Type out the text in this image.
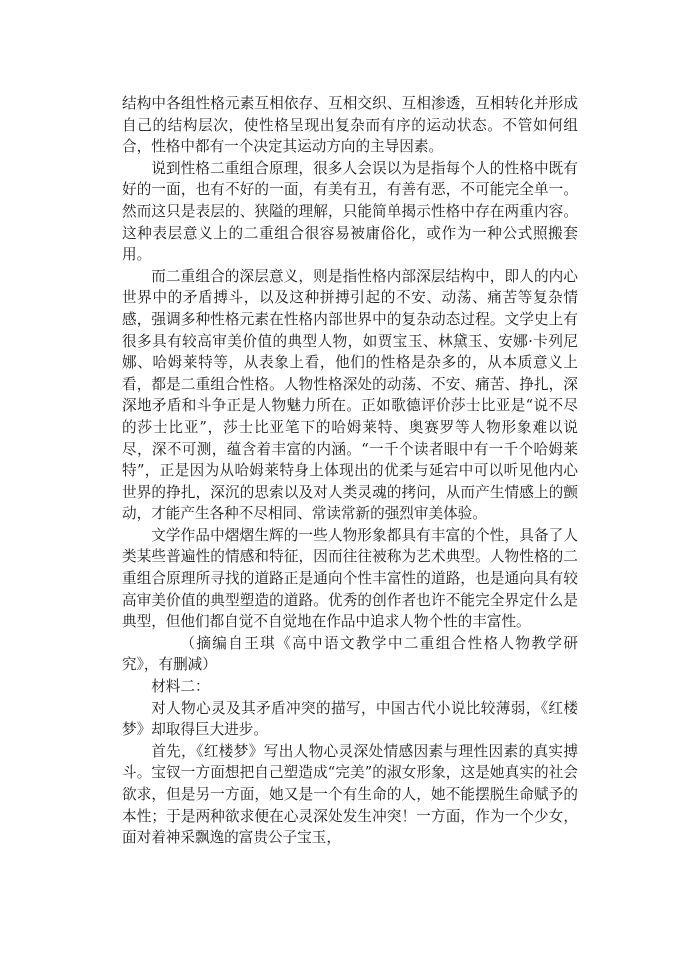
结构中各组性格元素互相依存、互相交织、互相渗透，互相转化并形成自己的结构层次，使性格呈现出复杂而有序的运动状态。不管如何组合，性格中都有一个决定其运动方向的主导因素。

说到性格二重组合原理，很多人会误以为是指每个人的性格中既有好的一面，也有不好的一面，有美有丑，有善有恶，不可能完全单一。然而这只是表层的、狭隘的理解，只能简单揭示性格中存在两重内容。这种表层意义上的二重组合很容易被庸俗化，或作为一种公式照搬套用。

而二重组合的深层意义，则是指性格内部深层结构中，即人的内心世界中的矛盾搏斗，以及这种拼搏引起的不安、动荡、痛苦等复杂情感，强调多种性格元素在性格内部世界中的复杂动态过程。文学史上有很多具有较高审美价值的典型人物，如贾宝玉、林黛玉、安娜·卡列尼娜、哈姆莱特等，从表象上看，他们的性格是杂多的，从本质意义上看，都是二重组合性格。人物性格深处的动荡、不安、痛苦、挣扎，深深地矛盾和斗争正是人物魅力所在。正如歌德评价莎士比亚是“说不尽的莎士比亚”，莎士比亚笔下的哈姆莱特、奥赛罗等人物形象难以说尽，深不可测，蕴含着丰富的内涵。“一千个读者眼中有一千个哈姆莱特”，正是因为从哈姆莱特身上体现出的优柔与延宕中可以听见他内心世界的挣扎，深沉的思索以及对人类灵魂的拷问，从而产生情感上的颤动，才能产生各种不尽相同、常读常新的强烈审美体验。

文学作品中熠熠生辉的一些人物形象都具有丰富的个性，具备了人类某些普遍性的情感和特征，因而往往被称为艺术典型。人物性格的二重组合原理所寻找的道路正是通向个性丰富性的道路，也是通向具有较高审美价值的典型塑造的道路。优秀的创作者也许不能完全界定什么是典型，但他们都自觉不自觉地在作品中追求人物个性的丰富性。

（摘编自王琪《高中语文教学中二重组合性格人物教学研究》，有删减）

材料二：

对人物心灵及其矛盾冲突的描写，中国古代小说比较薄弱，《红楼梦》却取得巨大进步。

首先，《红楼梦》写出人物心灵深处情感因素与理性因素的真实搏斗。宝钗一方面想把自己塑造成“完美”的淑女形象，这是她真实的社会欲求，但是另一方面，她又是一个有生命的人，她不能摆脱生命赋予的本性；于是两种欲求便在心灵深处发生冲突！一方面，作为一个少女，面对着神采飘逸的富贵公子宝玉，
